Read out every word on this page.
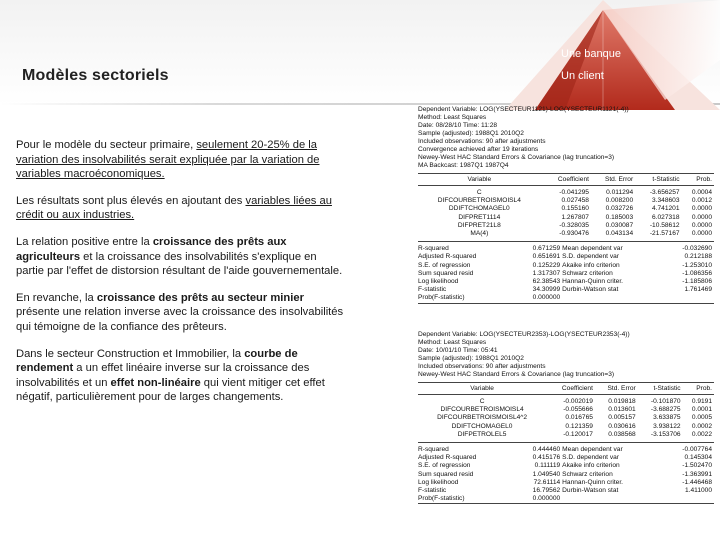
Modèles sectoriels
Une banque
Un client

Pour le modèle du secteur primaire, seulement 20-25% de la variation des insolvabilités serait expliquée par la variation de variables macroéconomiques.

Les résultats sont plus élevés en ajoutant des variables liées au crédit ou aux industries.

La relation positive entre la croissance des prêts aux agriculteurs et la croissance des insolvabilités s'explique en partie par l'effet de distorsion résultant de l'aide gouvernementale.

En revanche, la croissance des prêts au secteur minier présente une relation inverse avec la croissance des insolvabilités qui témoigne de la confiance des prêteurs.

Dans le secteur Construction et Immobilier, la courbe de rendement a un effet linéaire inverse sur la croissance des insolvabilités et un effet non-linéaire qui vient mitiger cet effet négatif, particulièrement pour de larges changements.

Dependent Variable: LOG(YSECTEUR1121)-LOG(YSECTEUR1121(-4))
Method: Least Squares
Date: 08/28/10 Time: 11:28
Sample (adjusted): 1988Q1 2010Q2
Included observations: 90 after adjustments
Convergence achieved after 19 iterations
Newey-West HAC Standard Errors & Covariance (lag truncation=3)
MA Backcast: 1987Q1 1987Q4
Variable	Coefficient	Std. Error	t-Statistic	Prob.
C	-0.041295	0.011294	-3.656257	0.0004
DIFCOURBETROISMOISL4	0.027458	0.008200	3.348603	0.0012
DDIFTCHOMAGEL0	0.155160	0.032726	4.741201	0.0000
DIFPRET1114	1.267807	0.185003	6.027318	0.0000
DIFPRET21L8	-0.328035	0.030087	-10.58612	0.0000
MA(4)	-0.930476	0.043134	-21.57167	0.0000
R-squared	0.671259	Mean dependent var	-0.032690
Adjusted R-squared	0.651691	S.D. dependent var	0.212188
S.E. of regression	0.125229	Akaike info criterion	-1.253010
Sum squared resid	1.317307	Schwarz criterion	-1.086356
Log likelihood	62.38543	Hannan-Quinn criter.	-1.185806
F-statistic	34.30999	Durbin-Watson stat	1.761469
Prob(F-statistic)	0.000000		
Dependent Variable: LOG(YSECTEUR2353)-LOG(YSECTEUR2353(-4))
Method: Least Squares
Date: 10/01/10 Time: 05:41
Sample (adjusted): 1988Q1 2010Q2
Included observations: 90 after adjustments
Newey-West HAC Standard Errors & Covariance (lag truncation=3)
Variable	Coefficient	Std. Error	t-Statistic	Prob.
C	-0.002019	0.019818	-0.101870	0.9191
DIFCOURBETROISMOISL4	-0.055666	0.013601	-3.688275	0.0001
DIFCOURBETROISMOISL4^2	0.016765	0.005157	3.633875	0.0005
DDIFTCHOMAGEL0	0.121359	0.030616	3.938122	0.0002
DIFPETROLEL5	-0.120017	0.038568	-3.153706	0.0022
R-squared	0.444460	Mean dependent var	-0.007764
Adjusted R-squared	0.415176	S.D. dependent var	0.145304
S.E. of regression	0.111119	Akaike info criterion	-1.502470
Sum squared resid	1.049540	Schwarz criterion	-1.363991
Log likelihood	72.61114	Hannan-Quinn criter.	-1.446468
F-statistic	16.79562	Durbin-Watson stat	1.411000
Prob(F-statistic)	0.000000		
